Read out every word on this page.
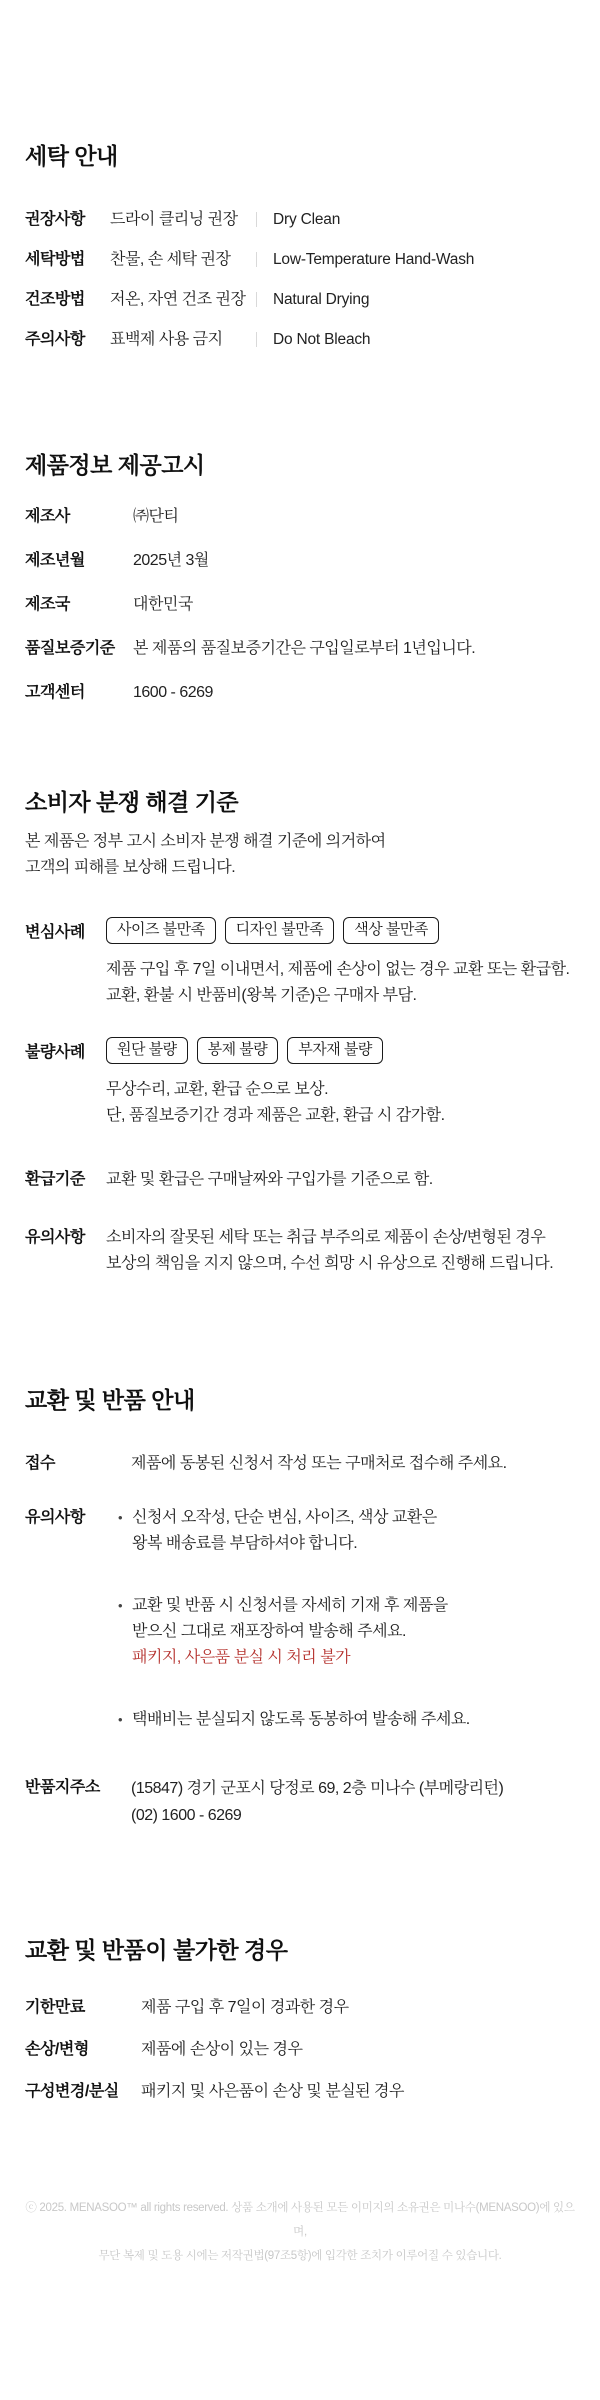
세탁 안내
권장사항	드라이 클리닝 권장	Dry Clean
세탁방법	찬물, 손 세탁 권장	Low-Temperature Hand-Wash
건조방법	저온, 자연 건조 권장 Natural Drying
주의사항	표백제 사용 금지	Do Not Bleach
제품정보 제공고시
제조사	㈜단티
제조년월	2025년 3월
제조국	대한민국
품질보증기준	본 제품의 품질보증기간은 구입일로부터 1년입니다.
고객센터	1600 - 6269
소비자 분쟁 해결 기준
본 제품은 정부 고시 소비자 분쟁 해결 기준에 의거하여
고객의 피해를 보상해 드립니다.
변심사례	사이즈 불만족	디자인 불만족	색상 불만족
제품 구입 후 7일 이내면서, 제품에 손상이 없는 경우 교환 또는 환급함.
교환, 환불 시 반품비(왕복 기준)은 구매자 부담.
불량사례	원단 불량	봉제 불량	부자재 불량
무상수리, 교환, 환급 순으로 보상.
단, 품질보증기간 경과 제품은 교환, 환급 시 감가함.
환급기준	교환 및 환급은 구매날짜와 구입가를 기준으로 함.
유의사항	소비자의 잘못된 세탁 또는 취급 부주의로 제품이 손상/변형된 경우
보상의 책임을 지지 않으며, 수선 희망 시 유상으로 진행해 드립니다.
교환 및 반품 안내
접수	제품에 동봉된 신청서 작성 또는 구매처로 접수해 주세요.
유의사항	• 신청서 오작성, 단순 변심, 사이즈, 색상 교환은
왕복 배송료를 부담하셔야 합니다.
• 교환 및 반품 시 신청서를 자세히 기재 후 제품을
받으신 그대로 재포장하여 발송해 주세요.
패키지, 사은품 분실 시 처리 불가
• 택배비는 분실되지 않도록 동봉하여 발송해 주세요.
반품지주소	(15847) 경기 군포시 당정로 69, 2층 미나수 (부메랑리턴)
(02) 1600 - 6269
교환 및 반품이 불가한 경우
기한만료	제품 구입 후 7일이 경과한 경우
손상/변형	제품에 손상이 있는 경우
구성변경/분실	패키지 및 사은품이 손상 및 분실된 경우
ⓒ 2025. MENASOO™ all rights reserved. 상품 소개에 사용된 모든 이미지의 소유권은 미나수(MENASOO)에 있으며,
무단 복제 및 도용 시에는 저작권법(97조5항)에 입각한 조치가 이루어질 수 있습니다.
